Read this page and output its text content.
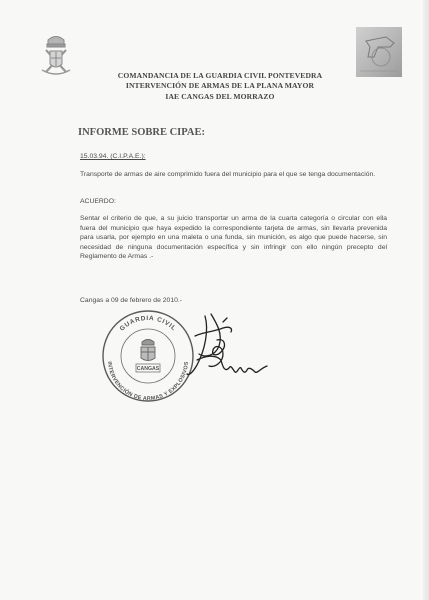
COMANDANCIA DE LA GUARDIA CIVIL PONTEVEDRA
INTERVENCIÓN DE ARMAS DE LA PLANA MAYOR
IAE CANGAS DEL MORRAZO
INFORME SOBRE CIPAE:
15.03.94. (C.I.P.A.E.):
Transporte de armas de aire comprimido fuera del municipio para el que se tenga documentación.
ACUERDO:
Sentar el criterio de que, a su juicio transportar un arma de la cuarta categoría o circular con ella fuera del municipio que haya expedido la correspondiente tarjeta de armas, sin llevarla prevenida para usarla, por ejemplo en una maleta o una funda, sin munición, es algo que puede hacerse, sin necesidad de ninguna documentación específica y sin infringir con ello ningún precepto del Reglamento de Armas .-
Cangas a 09 de febrero de 2010.-
GUARDIA CIVIL
INTERVENCIÓN DE ARMAS Y EXPLOSIVOS
CANGAS
